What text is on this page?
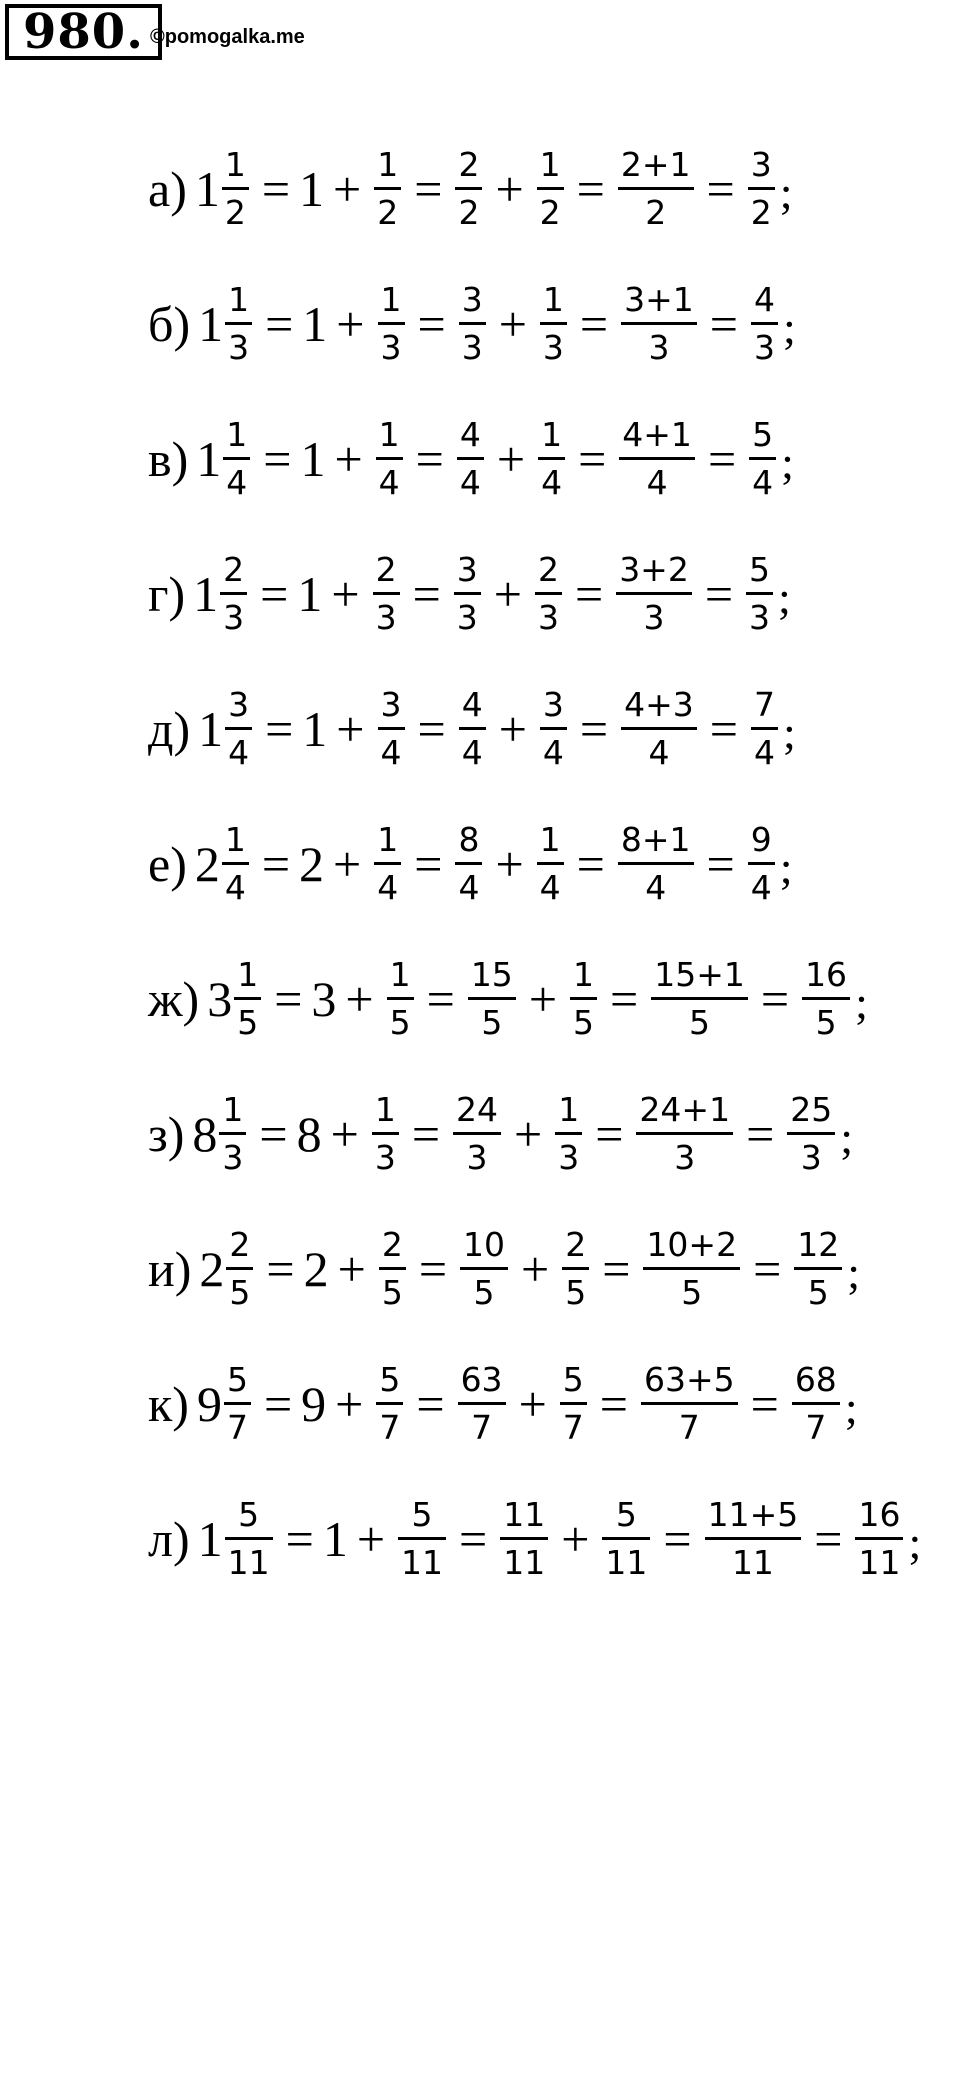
980. ©pomogalka.me
а) $1 \frac{1}{2} = 1 + \frac{1}{2} = \frac{2}{2} + \frac{1}{2} = \frac{2+1}{2} = \frac{3}{2}$ ;
б) $1 \frac{1}{3} = 1 + \frac{1}{3} = \frac{3}{3} + \frac{1}{3} = \frac{3+1}{3} = \frac{4}{3}$ ;
в) $1 \frac{1}{4} = 1 + \frac{1}{4} = \frac{4}{4} + \frac{1}{4} = \frac{4+1}{4} = \frac{5}{4}$ ;
г) $1 \frac{2}{3} = 1 + \frac{2}{3} = \frac{3}{3} + \frac{2}{3} = \frac{3+2}{3} = \frac{5}{3}$ ;
д) $1 \frac{3}{4} = 1 + \frac{3}{4} = \frac{4}{4} + \frac{3}{4} = \frac{4+3}{4} = \frac{7}{4}$ ;
е) $2 \frac{1}{4} = 2 + \frac{1}{4} = \frac{8}{4} + \frac{1}{4} = \frac{8+1}{4} = \frac{9}{4}$ ;
ж) $3 \frac{1}{5} = 3 + \frac{1}{5} = \frac{15}{5} + \frac{1}{5} = \frac{15+1}{5} = \frac{16}{5}$ ;
з) $8 \frac{1}{3} = 8 + \frac{1}{3} = \frac{24}{3} + \frac{1}{3} = \frac{24+1}{3} = \frac{25}{3}$ ;
и) $2 \frac{2}{5} = 2 + \frac{2}{5} = \frac{10}{5} + \frac{2}{5} = \frac{10+2}{5} = \frac{12}{5}$ ;
к) $9 \frac{5}{7} = 9 + \frac{5}{7} = \frac{63}{7} + \frac{5}{7} = \frac{63+5}{7} = \frac{68}{7}$ ;
л) $1 \frac{5}{11} = 1 + \frac{5}{11} = \frac{11}{11} + \frac{5}{11} = \frac{11+5}{11} = \frac{16}{11}$ ;
